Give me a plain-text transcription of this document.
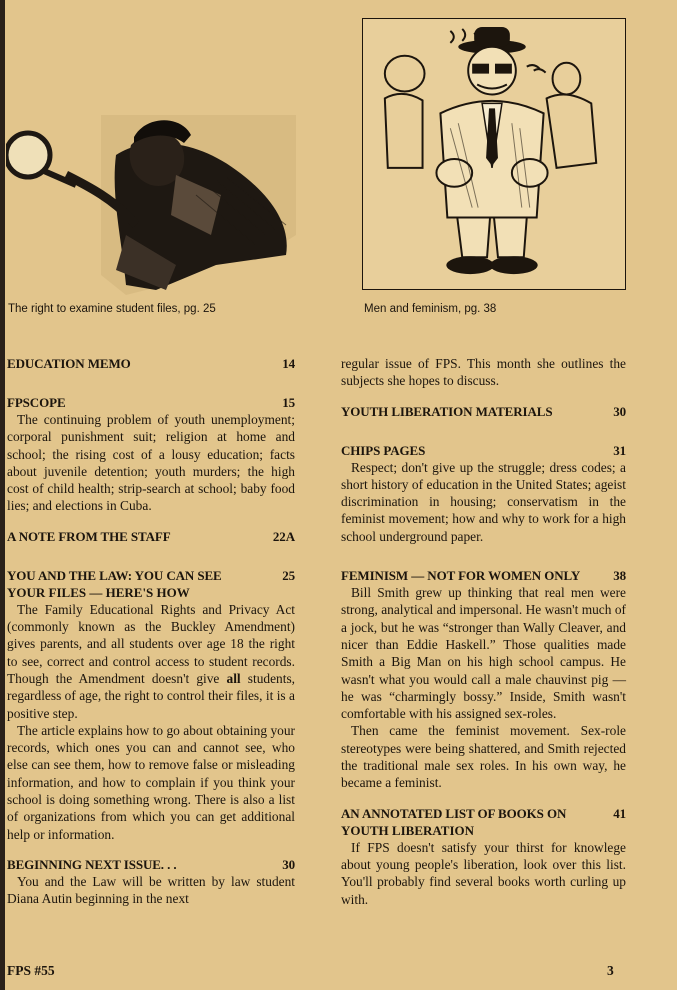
The right to examine student files, pg. 25	Men and feminism, pg. 38
EDUCATION MEMO	14
FPSCOPE	15

The continuing problem of youth unemployment; corporal punishment suit; religion at home and school; the rising cost of a lousy education; facts about juvenile detention; youth murders; the high cost of child health; strip-search at school; baby food lies; and elections in Cuba.

A NOTE FROM THE STAFF	22A
YOU AND THE LAW: YOU CAN SEE	25
YOUR FILES — HERE'S HOW

The Family Educational Rights and Privacy Act (commonly known as the Buckley Amendment) gives parents, and all students over age 18 the right to see, correct and control access to student records. Though the Amendment doesn't give all students, regardless of age, the right to control their files, it is a positive step.

The article explains how to go about obtaining your records, which ones you can and cannot see, who else can see them, how to remove false or misleading information, and how to complain if you think your school is doing something wrong. There is also a list of organizations from which you can get additional help or information.

BEGINNING NEXT ISSUE. . .	30

You and the Law will be written by law student Diana Autin beginning in the next

regular issue of FPS. This month she outlines the subjects she hopes to discuss.

YOUTH LIBERATION MATERIALS	30
CHIPS PAGES	31

Respect; don't give up the struggle; dress codes; a short history of education in the United States; ageist discrimination in housing; conservatism in the feminist movement; how and why to work for a high school underground paper.

FEMINISM — NOT FOR WOMEN ONLY	38

Bill Smith grew up thinking that real men were strong, analytical and impersonal. He wasn't much of a jock, but he was “stronger than Wally Cleaver, and nicer than Eddie Haskell.” Those qualities made Smith a Big Man on his high school campus. He wasn't what you would call a male chauvinst pig — he was “charmingly bossy.” Inside, Smith wasn't comfortable with his assigned sex-roles.

Then came the feminist movement. Sex-role stereotypes were being shattered, and Smith rejected the traditional male sex roles. In his own way, he became a feminist.

AN ANNOTATED LIST OF BOOKS ON	41
YOUTH LIBERATION

If FPS doesn't satisfy your thirst for knowlege about young people's liberation, look over this list. You'll probably find several books worth curling up with.

FPS #55	3
